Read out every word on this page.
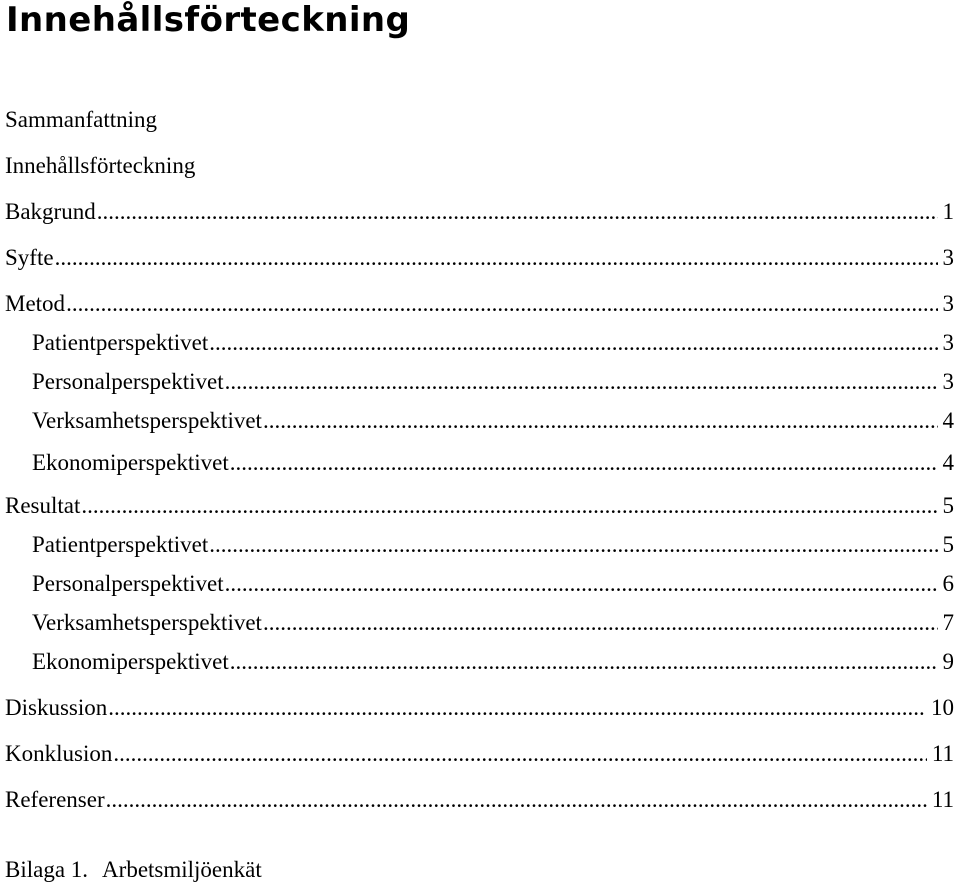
Innehållsförteckning
Sammanfattning
Innehållsförteckning
Bakgrund .....	1
Syfte .....	3
Metod .....	3
Patientperspektivet .....	3
Personalperspektivet .....	3
Verksamhetsperspektivet .....	4
Ekonomiperspektivet .....	4
Resultat .....	5
Patientperspektivet .....	5
Personalperspektivet .....	6
Verksamhetsperspektivet .....	7
Ekonomiperspektivet .....	9
Diskussion .....	10
Konklusion .....	11
Referenser .....	11
Bilaga 1. Arbetsmiljöenkät
